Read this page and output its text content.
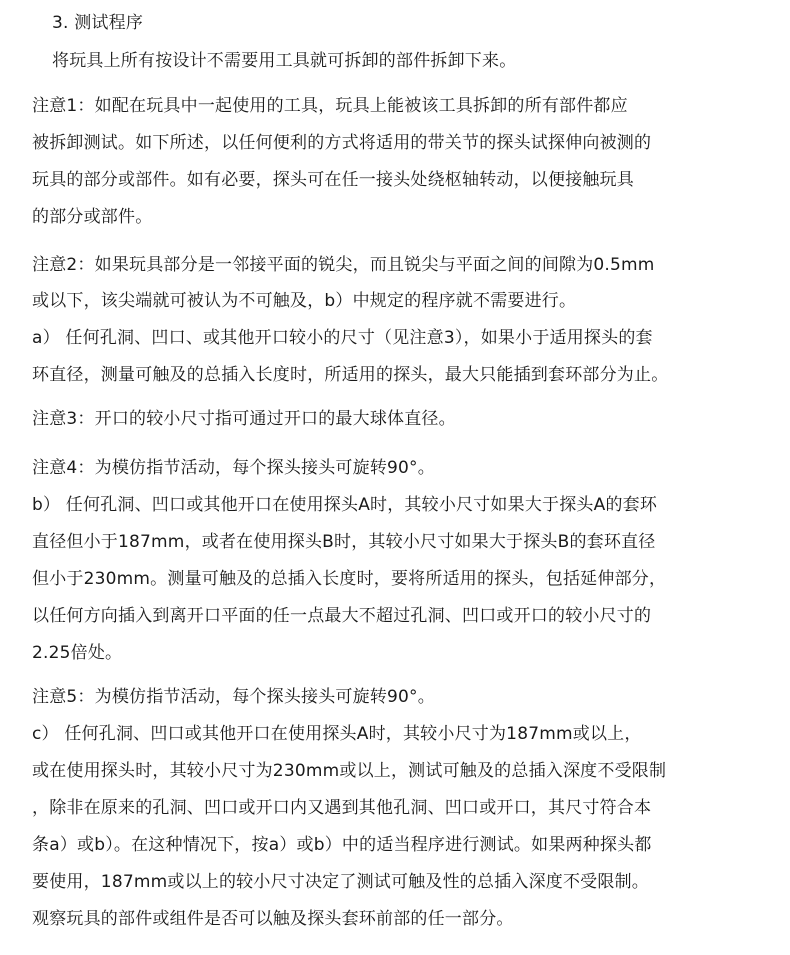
3. 测试程序
将玩具上所有按设计不需要用工具就可拆卸的部件拆卸下来。
注意1：如配在玩具中一起使用的工具，玩具上能被该工具拆卸的所有部件都应
被拆卸测试。如下所述，以任何便利的方式将适用的带关节的探头试探伸向被测的
玩具的部分或部件。如有必要，探头可在任一接头处绕枢轴转动，以便接触玩具
的部分或部件。
注意2：如果玩具部分是一邻接平面的锐尖，而且锐尖与平面之间的间隙为0.5mm
或以下，该尖端就可被认为不可触及，b）中规定的程序就不需要进行。
a） 任何孔洞、凹口、或其他开口较小的尺寸（见注意3），如果小于适用探头的套
环直径，测量可触及的总插入长度时，所适用的探头，最大只能插到套环部分为止。
注意3：开口的较小尺寸指可通过开口的最大球体直径。
注意4：为模仿指节活动，每个探头接头可旋转90°。
b） 任何孔洞、凹口或其他开口在使用探头A时，其较小尺寸如果大于探头A的套环
直径但小于187mm，或者在使用探头B时，其较小尺寸如果大于探头B的套环直径
但小于230mm。测量可触及的总插入长度时，要将所适用的探头，包括延伸部分，
以任何方向插入到离开口平面的任一点最大不超过孔洞、凹口或开口的较小尺寸的
2.25倍处。
注意5：为模仿指节活动，每个探头接头可旋转90°。
c） 任何孔洞、凹口或其他开口在使用探头A时，其较小尺寸为187mm或以上，
或在使用探头时，其较小尺寸为230mm或以上，测试可触及的总插入深度不受限制
，除非在原来的孔洞、凹口或开口内又遇到其他孔洞、凹口或开口，其尺寸符合本
条a）或b）。在这种情况下，按a）或b）中的适当程序进行测试。如果两种探头都
要使用，187mm或以上的较小尺寸决定了测试可触及性的总插入深度不受限制。
观察玩具的部件或组件是否可以触及探头套环前部的任一部分。
